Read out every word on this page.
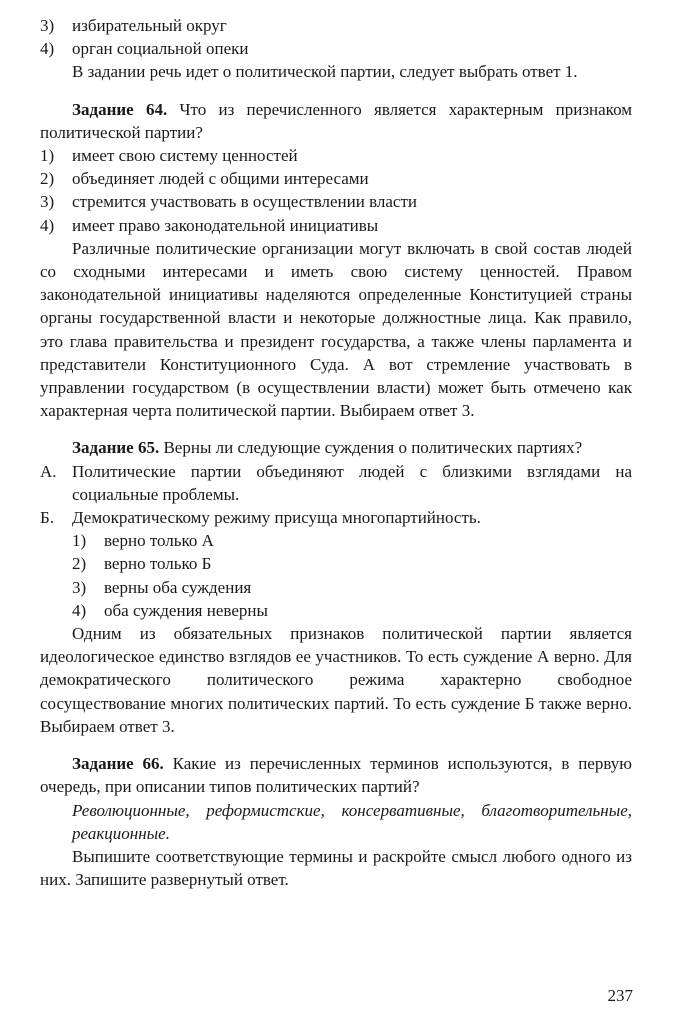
3)	избирательный округ
4)	орган социальной опеки

В задании речь идет о политической партии, следует выбрать ответ 1.

Задание 64. Что из перечисленного является характерным признаком политической партии?

1)	имеет свою систему ценностей
2)	объединяет людей с общими интересами
3)	стремится участвовать в осуществлении власти
4)	имеет право законодательной инициативы

Различные политические организации могут включать в свой состав людей со сходными интересами и иметь свою систему ценностей. Правом законодательной инициативы наделяются определенные Конституцией страны органы государственной власти и некоторые должностные лица. Как правило, это глава правительства и президент государства, а также члены парламента и представители Конституционного Суда. А вот стремление участвовать в управлении государством (в осуществлении власти) может быть отмечено как характерная черта политической партии. Выбираем ответ 3.

Задание 65. Верны ли следующие суждения о политических партиях?

А. Политические партии объединяют людей с близкими взглядами на социальные проблемы.
Б.	Демократическому режиму присуща многопартийность.
1)	верно только А
2)	верно только Б
3)	верны оба суждения
4)	оба суждения неверны

Одним из обязательных признаков политической партии является идеологическое единство взглядов ее участников. То есть суждение А верно. Для демократического политического режима характерно свободное сосуществование многих политических партий. То есть суждение Б также верно. Выбираем ответ 3.

Задание 66. Какие из перечисленных терминов используются, в первую очередь, при описании типов политических партий?

Революционные, реформистские, консервативные, благотворительные, реакционные.

Выпишите соответствующие термины и раскройте смысл любого одного из них. Запишите развернутый ответ.

237
